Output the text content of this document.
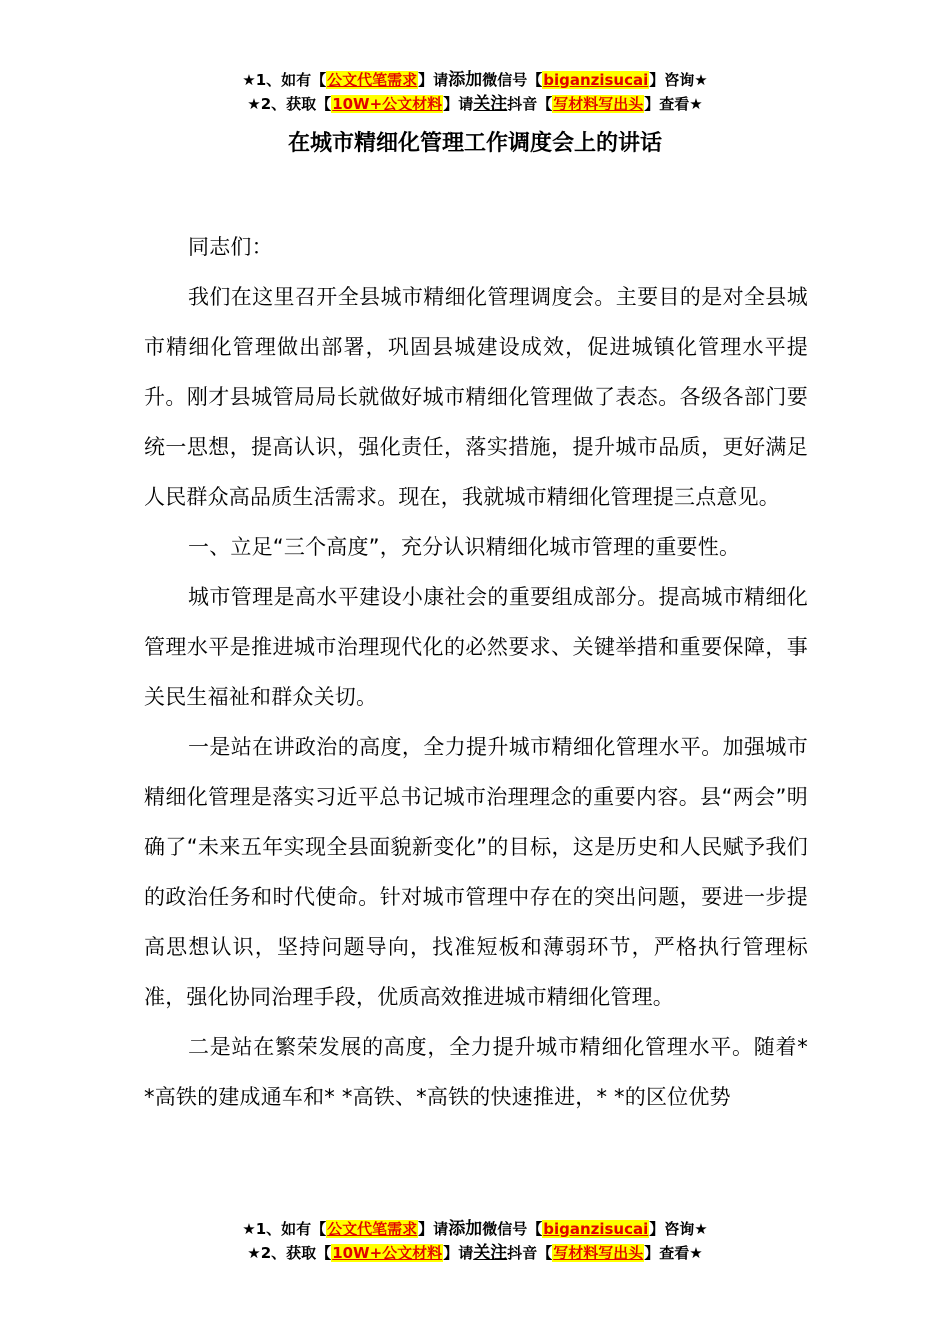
★1、如有【公文代笔需求】请添加微信号【biganzisucai】咨询★
★2、获取【10W+公文材料】请关注抖音【写材料写出头】查看★
在城市精细化管理工作调度会上的讲话

同志们：

我们在这里召开全县城市精细化管理调度会。主要目的是对全县城市精细化管理做出部署，巩固县城建设成效，促进城镇化管理水平提升。刚才县城管局局长就做好城市精细化管理做了表态。各级各部门要统一思想，提高认识，强化责任，落实措施，提升城市品质，更好满足人民群众高品质生活需求。现在，我就城市精细化管理提三点意见。

一、立足“三个高度”，充分认识精细化城市管理的重要性。

城市管理是高水平建设小康社会的重要组成部分。提高城市精细化管理水平是推进城市治理现代化的必然要求、关键举措和重要保障，事关民生福祉和群众关切。

一是站在讲政治的高度，全力提升城市精细化管理水平。加强城市精细化管理是落实习近平总书记城市治理理念的重要内容。县“两会”明确了“未来五年实现全县面貌新变化”的目标，这是历史和人民赋予我们的政治任务和时代使命。针对城市管理中存在的突出问题，要进一步提高思想认识，坚持问题导向，找准短板和薄弱环节，严格执行管理标准，强化协同治理手段，优质高效推进城市精细化管理。

二是站在繁荣发展的高度，全力提升城市精细化管理水平。随着* *高铁的建成通车和* *高铁、*高铁的快速推进，* *的区位优势

★1、如有【公文代笔需求】请添加微信号【biganzisucai】咨询★
★2、获取【10W+公文材料】请关注抖音【写材料写出头】查看★
